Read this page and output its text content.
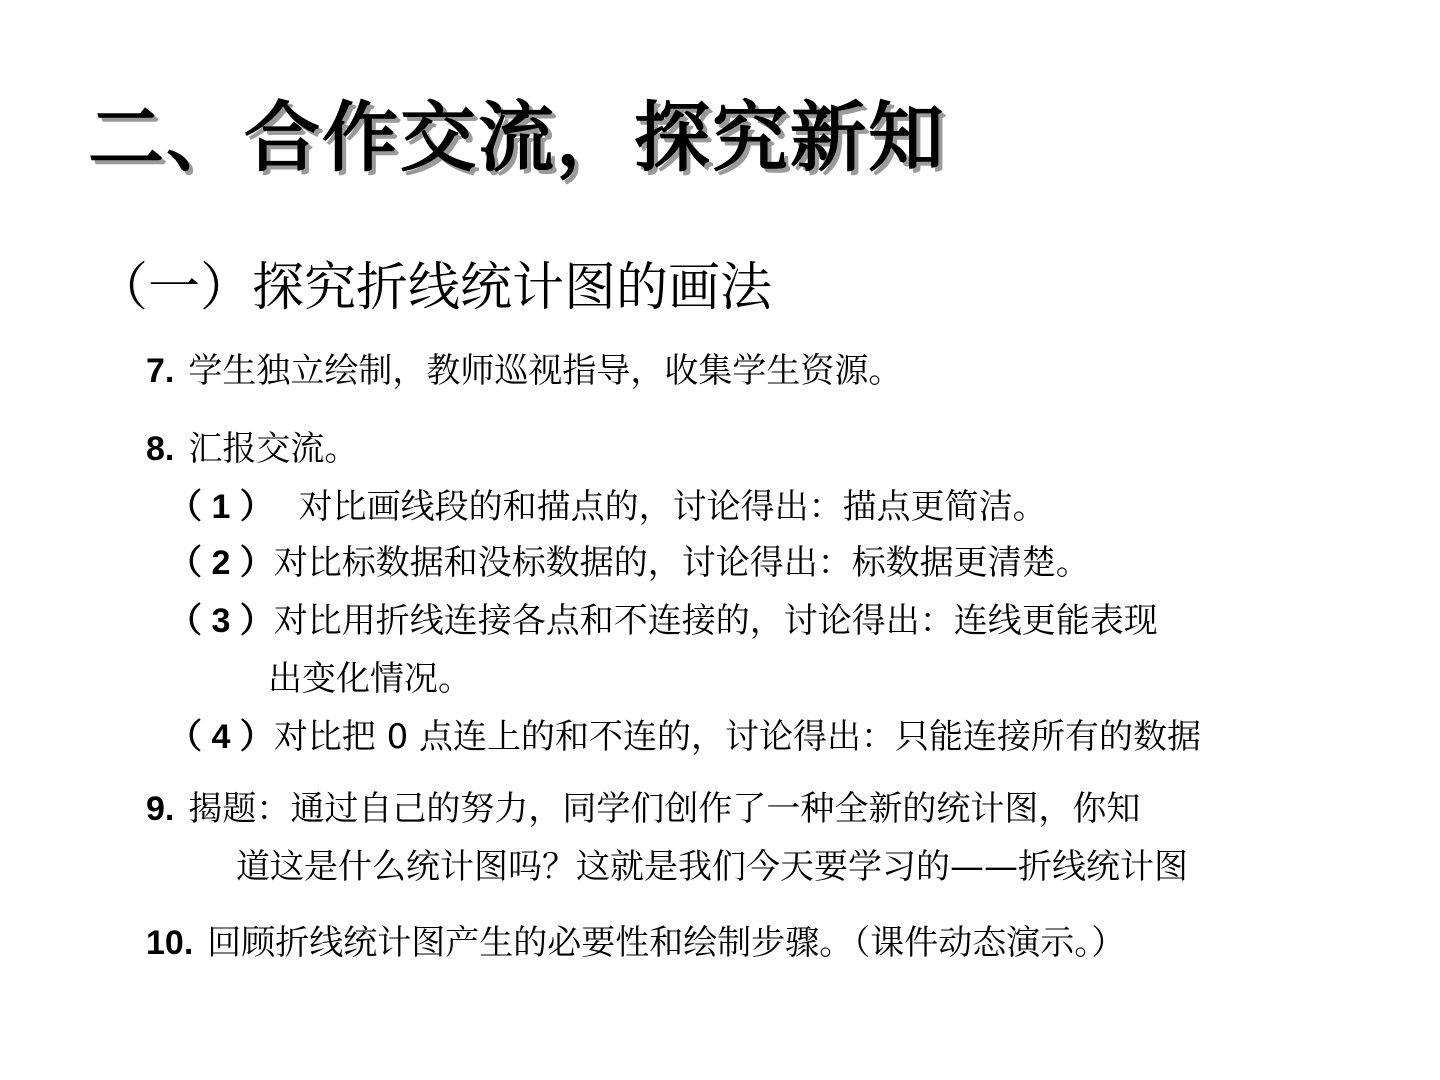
二、合作交流，探究新知
（一）探究折线统计图的画法
7. 学生独立绘制，教师巡视指导，收集学生资源。
8. 汇报交流。
（ 1 ） 对比画线段的和描点的，讨论得出：描点更简洁。
（ 2 ）对比标数据和没标数据的，讨论得出：标数据更清楚。
（ 3 ）对比用折线连接各点和不连接的，讨论得出：连线更能表现
出变化情况。
（ 4 ）对比把 0 点连上的和不连的，讨论得出：只能连接所有的数据
9. 揭题：通过自己的努力，同学们创作了一种全新的统计图，你知
道这是什么统计图吗？这就是我们今天要学习的——折线统计图
10. 回顾折线统计图产生的必要性和绘制步骤。（课件动态演示。）
